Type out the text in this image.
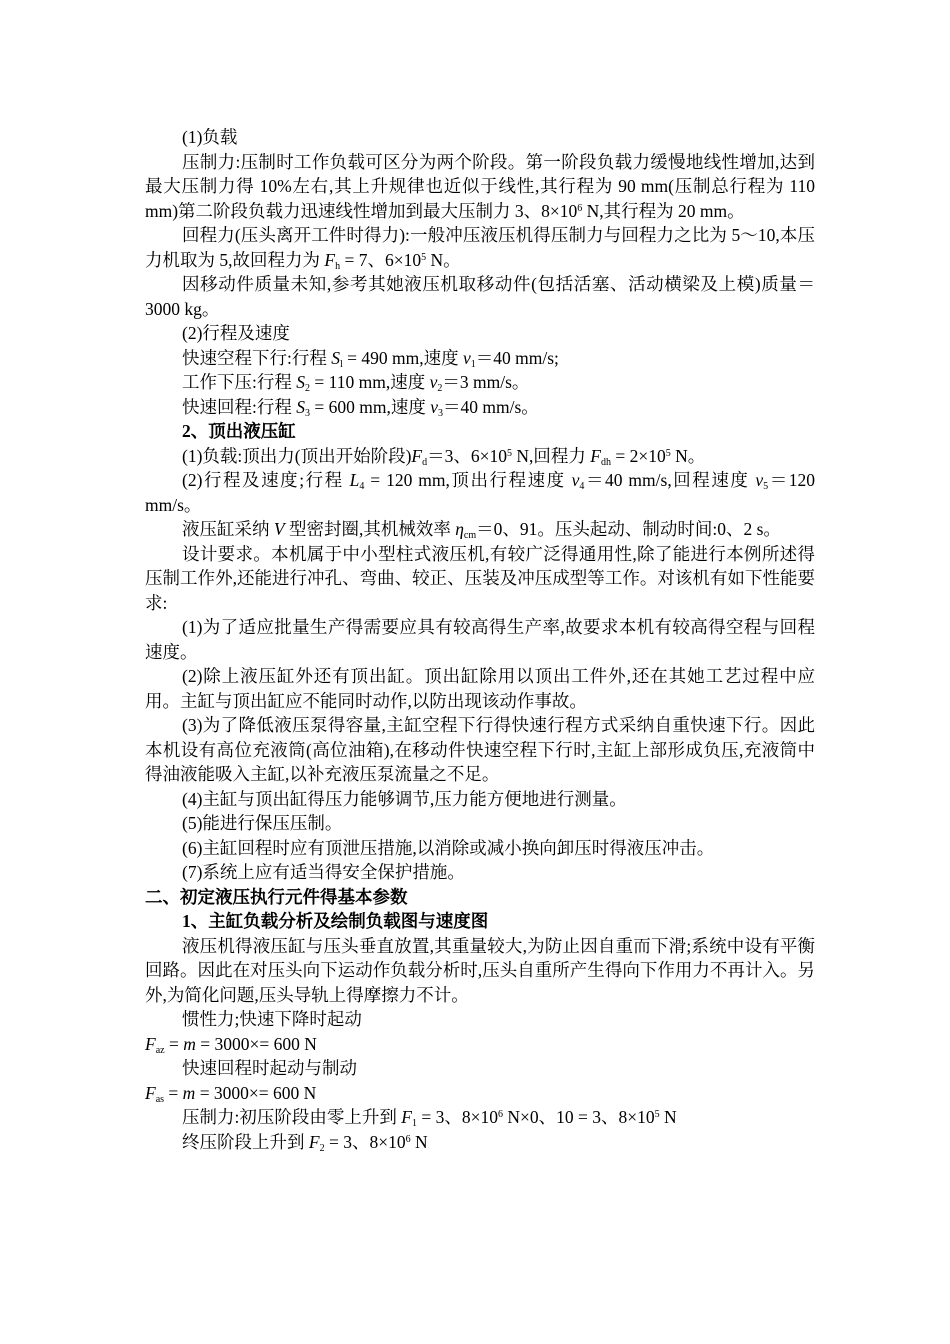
(1)负载

压制力:压制时工作负载可区分为两个阶段。第一阶段负载力缓慢地线性增加,达到最大压制力得 10%左右,其上升规律也近似于线性,其行程为 90 mm(压制总行程为 110 mm)第二阶段负载力迅速线性增加到最大压制力 3、$8\times 10^6$ N,其行程为 20 mm。

回程力(压头离开工件时得力):一般冲压液压机得压制力与回程力之比为 5～10,本压力机取为 5,故回程力为 $F_h = 7$、$6\times 10^5$ N。

因移动件质量未知,参考其她液压机取移动件(包括活塞、活动横梁及上模)质量＝3000 kg。

(2)行程及速度

快速空程下行:行程 $S_l = 490$ mm,速度 $v_1=40$ mm/s;

工作下压:行程 $S_2 = 110$ mm,速度 $v_2=3$ mm/s。

快速回程:行程 $S_3 = 600$ mm,速度 $v_3=40$ mm/s。

2、顶出液压缸

(1)负载:顶出力(顶出开始阶段)$F_d=3$、$6\times 10^5$ N,回程力 $F_{dh} = 2\times 10^5$ N。

(2)行程及速度;行程 $L_4 = 120$ mm,顶出行程速度 $v_4=40$ mm/s,回程速度 $v_5=120$ mm/s。

液压缸采纳 V 型密封圈,其机械效率 $\eta_{cm}=0$、91。压头起动、制动时间:0、2 s。

设计要求。本机属于中小型柱式液压机,有较广泛得通用性,除了能进行本例所述得压制工作外,还能进行冲孔、弯曲、较正、压装及冲压成型等工作。对该机有如下性能要求:

(1)为了适应批量生产得需要应具有较高得生产率,故要求本机有较高得空程与回程速度。

(2)除上液压缸外还有顶出缸。顶出缸除用以顶出工件外,还在其她工艺过程中应用。主缸与顶出缸应不能同时动作,以防出现该动作事故。

(3)为了降低液压泵得容量,主缸空程下行得快速行程方式采纳自重快速下行。因此本机设有高位充液筒(高位油箱),在移动件快速空程下行时,主缸上部形成负压,充液筒中得油液能吸入主缸,以补充液压泵流量之不足。

(4)主缸与顶出缸得压力能够调节,压力能方便地进行测量。

(5)能进行保压压制。

(6)主缸回程时应有顶泄压措施,以消除或减小换向卸压时得液压冲击。

(7)系统上应有适当得安全保护措施。

二、初定液压执行元件得基本参数

1、主缸负载分析及绘制负载图与速度图

液压机得液压缸与压头垂直放置,其重量较大,为防止因自重而下滑;系统中设有平衡回路。因此在对压头向下运动作负载分析时,压头自重所产生得向下作用力不再计入。另外,为简化问题,压头导轨上得摩擦力不计。

惯性力;快速下降时起动

$F_{az} = m = 3000\times= 600$ N

快速回程时起动与制动

$F_{as} = m = 3000\times= 600$ N

压制力:初压阶段由零上升到 $F_1 = 3$、$8\times 10^6$ N×0、10 = 3、$8\times 10^5$ N

终压阶段上升到 $F_2 = 3$、$8\times 10^6$ N
